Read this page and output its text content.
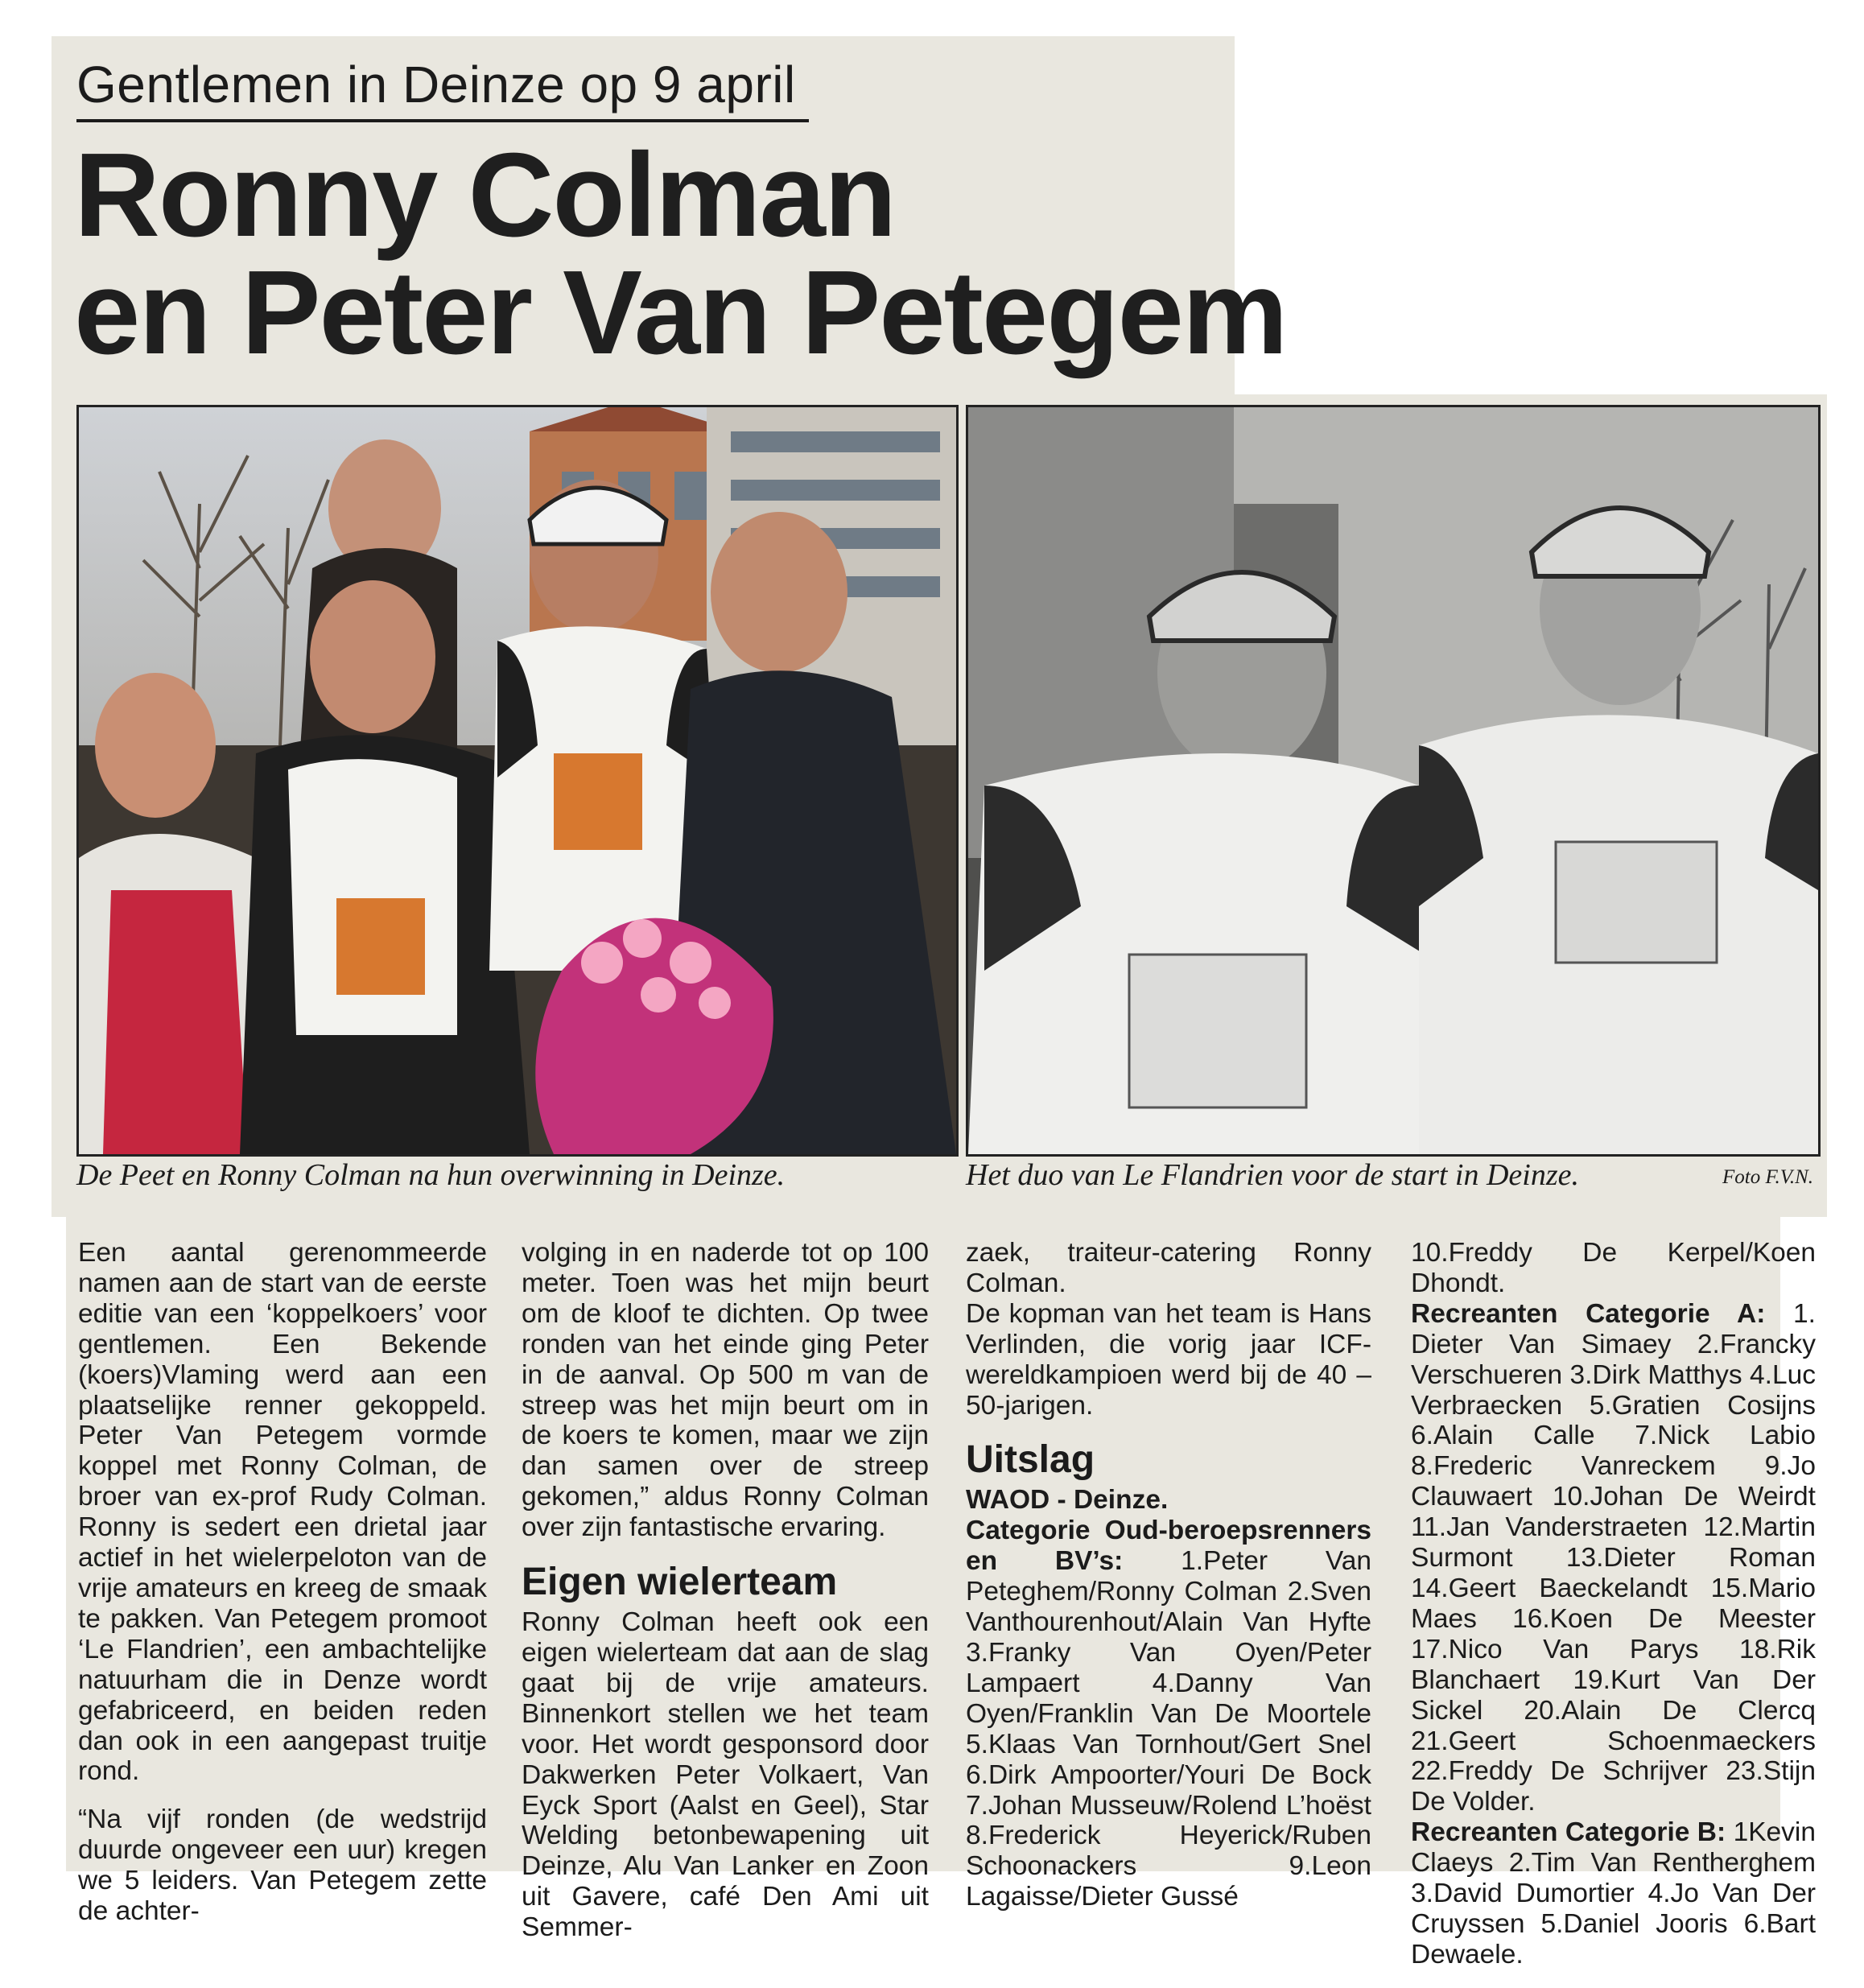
Gentlemen in Deinze op 9 april
Ronny Colman
en Peter Van Petegem
De Peet en Ronny Colman na hun overwinning in Deinze.	Het duo van Le Flandrien voor de start in Deinze.	Foto F.V.N.

Een aantal gerenommeerde namen aan de start van de eerste editie van een ‘koppelkoers’ voor gentlemen. Een Bekende (koers)Vlaming werd aan een plaatselijke renner gekoppeld. Peter Van Petegem vormde koppel met Ronny Colman, de broer van ex-prof Rudy Colman. Ronny is sedert een drietal jaar actief in het wielerpeloton van de vrije amateurs en kreeg de smaak te pakken. Van Petegem promoot ‘Le Flandrien’, een ambachtelijke natuurham die in Denze wordt gefabriceerd, en beiden reden dan ook in een aangepast truitje rond.

“Na vijf ronden (de wedstrijd duurde ongeveer een uur) kregen we 5 leiders. Van Petegem zette de achter-

volging in en naderde tot op 100 meter. Toen was het mijn beurt om de kloof te dichten. Op twee ronden van het einde ging Peter in de aanval. Op 500 m van de streep was het mijn beurt om in de koers te komen, maar we zijn dan samen over de streep gekomen,” aldus Ronny Colman over zijn fantastische ervaring.

Eigen wielerteam

Ronny Colman heeft ook een eigen wielerteam dat aan de slag gaat bij de vrije amateurs. Binnenkort stellen we het team voor. Het wordt gesponsord door Dakwerken Peter Volkaert, Van Eyck Sport (Aalst en Geel), Star Welding betonbewapening uit Deinze, Alu Van Lanker en Zoon uit Gavere, café Den Ami uit Semmer-

zaek, traiteur-catering Ronny Colman.

De kopman van het team is Hans Verlinden, die vorig jaar ICF-wereldkampioen werd bij de 40 – 50-jarigen.

Uitslag

WAOD - Deinze.

Categorie Oud-beroepsrenners en BV’s: 1.Peter Van Peteghem/Ronny Colman 2.Sven Vanthourenhout/Alain Van Hyfte 3.Franky Van Oyen/Peter Lampaert 4.Danny Van Oyen/Franklin Van De Moortele 5.Klaas Van Tornhout/Gert Snel 6.Dirk Ampoorter/Youri De Bock 7.Johan Musseuw/Rolend L’hoëst 8.Frederick Heyerick/Ruben Schoonackers 9.Leon Lagaisse/Dieter Gussé

10.Freddy De Kerpel/Koen Dhondt.

Recreanten Categorie A: 1. Dieter Van Simaey 2.Francky Verschueren 3.Dirk Matthys 4.Luc Verbraecken 5.Gratien Cosijns 6.Alain Calle 7.Nick Labio 8.Frederic Vanreckem 9.Jo Clauwaert 10.Johan De Weirdt 11.Jan Vanderstraeten 12.Martin Surmont 13.Dieter Roman 14.Geert Baeckelandt 15.Mario Maes 16.Koen De Meester 17.Nico Van Parys 18.Rik Blanchaert 19.Kurt Van Der Sickel 20.Alain De Clercq 21.Geert Schoenmaeckers 22.Freddy De Schrijver 23.Stijn De Volder.

Recreanten Categorie B: 1Kevin Claeys 2.Tim Van Rentherghem 3.David Dumortier 4.Jo Van Der Cruyssen 5.Daniel Jooris 6.Bart Dewaele.
